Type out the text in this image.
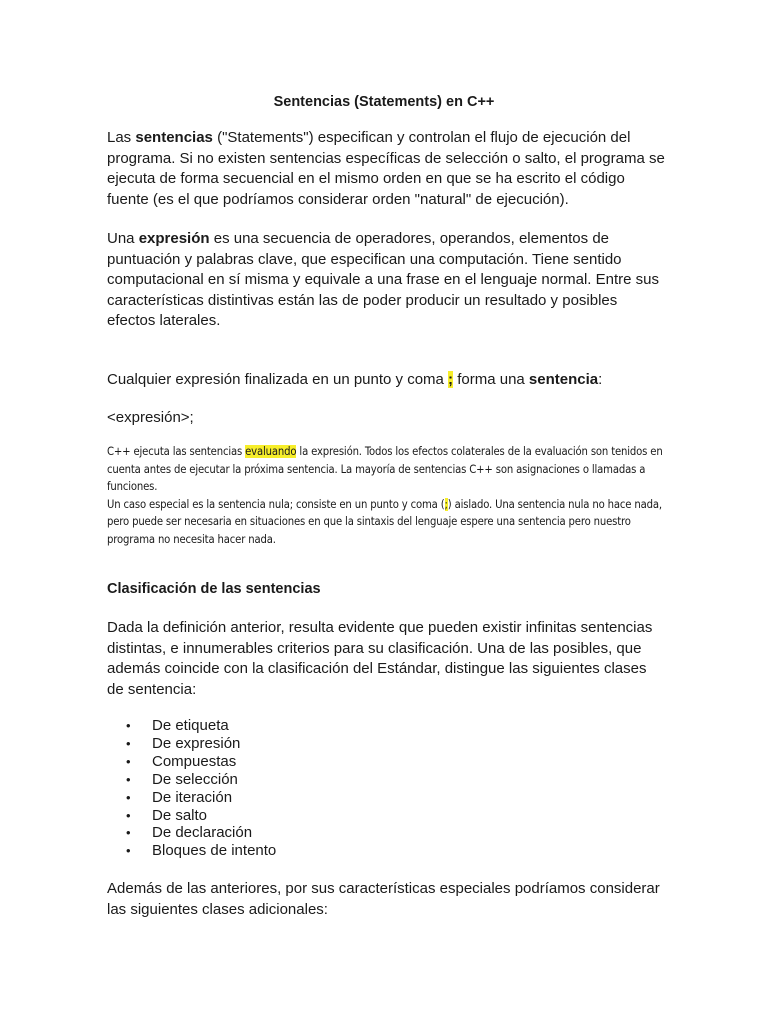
Sentencias (Statements) en C++

Las sentencias ("Statements") especifican y controlan el flujo de ejecución del programa. Si no existen sentencias específicas de selección o salto, el programa se ejecuta de forma secuencial en el mismo orden en que se ha escrito el código fuente (es el que podríamos considerar orden "natural" de ejecución).

Una expresión es una secuencia de operadores, operandos, elementos de puntuación y palabras clave, que especifican una computación. Tiene sentido computacional en sí misma y equivale a una frase en el lenguaje normal. Entre sus características distintivas están las de poder producir un resultado y posibles efectos laterales.

Cualquier expresión finalizada en un punto y coma ; forma una sentencia:

<expresión>;

C++ ejecuta las sentencias evaluando la expresión. Todos los efectos colaterales de la evaluación son tenidos en cuenta antes de ejecutar la próxima sentencia. La mayoría de sentencias C++ son asignaciones o llamadas a funciones.

Un caso especial es la sentencia nula; consiste en un punto y coma (;) aislado. Una sentencia nula no hace nada, pero puede ser necesaria en situaciones en que la sintaxis del lenguaje espere una sentencia pero nuestro programa no necesita hacer nada.

Clasificación de las sentencias

Dada la definición anterior, resulta evidente que pueden existir infinitas sentencias distintas, e innumerables criterios para su clasificación. Una de las posibles, que además coincide con la clasificación del Estándar, distingue las siguientes clases de sentencia:

• De etiqueta
• De expresión
• Compuestas
• De selección
• De iteración
• De salto
• De declaración
• Bloques de intento

Además de las anteriores, por sus características especiales podríamos considerar las siguientes clases adicionales:
